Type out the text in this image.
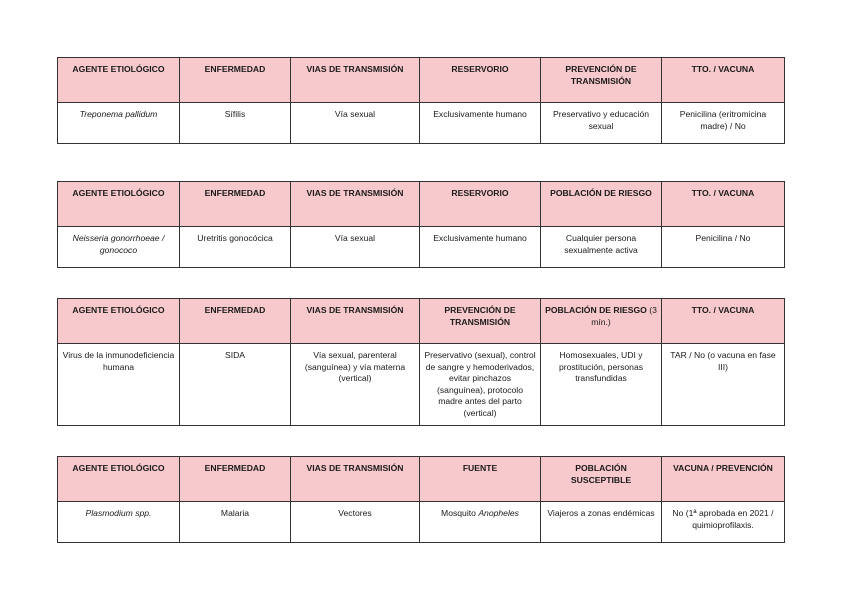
AGENTE ETIOLÓGICO	ENFERMEDAD	VIAS DE TRANSMISIÓN	RESERVORIO	PREVENCIÓN DE TRANSMISIÓN	TTO. / VACUNA
Treponema pallidum	Sífilis	Vía sexual	Exclusivamente humano	Preservativo y educación sexual	Penicilina (eritromicina madre) / No
AGENTE ETIOLÓGICO	ENFERMEDAD	VIAS DE TRANSMISIÓN	RESERVORIO	POBLACIÓN DE RIESGO	TTO. / VACUNA
Neisseria gonorrhoeae / gonococo	Uretritis gonocócica	Vía sexual	Exclusivamente humano	Cualquier persona sexualmente activa	Penicilina / No
AGENTE ETIOLÓGICO	ENFERMEDAD	VIAS DE TRANSMISIÓN	PREVENCIÓN DE TRANSMISIÓN	POBLACIÓN DE RIESGO (3 mín.)	TTO. / VACUNA
Virus de la inmunodeficiencia humana	SIDA	Vía sexual, parenteral (sanguínea) y vía materna (vertical)	Preservativo (sexual), control de sangre y hemoderivados, evitar pinchazos (sanguínea), protocolo madre antes del parto (vertical)	Homosexuales, UDI y prostitución, personas transfundidas	TAR / No (o vacuna en fase III)
AGENTE ETIOLÓGICO	ENFERMEDAD	VIAS DE TRANSMISIÓN	FUENTE	POBLACIÓN SUSCEPTIBLE	VACUNA / PREVENCIÓN
Plasmodium spp.	Malaria	Vectores	Mosquito Anopheles	Viajeros a zonas endémicas	No (1ª aprobada en 2021 / quimioprofilaxis.
